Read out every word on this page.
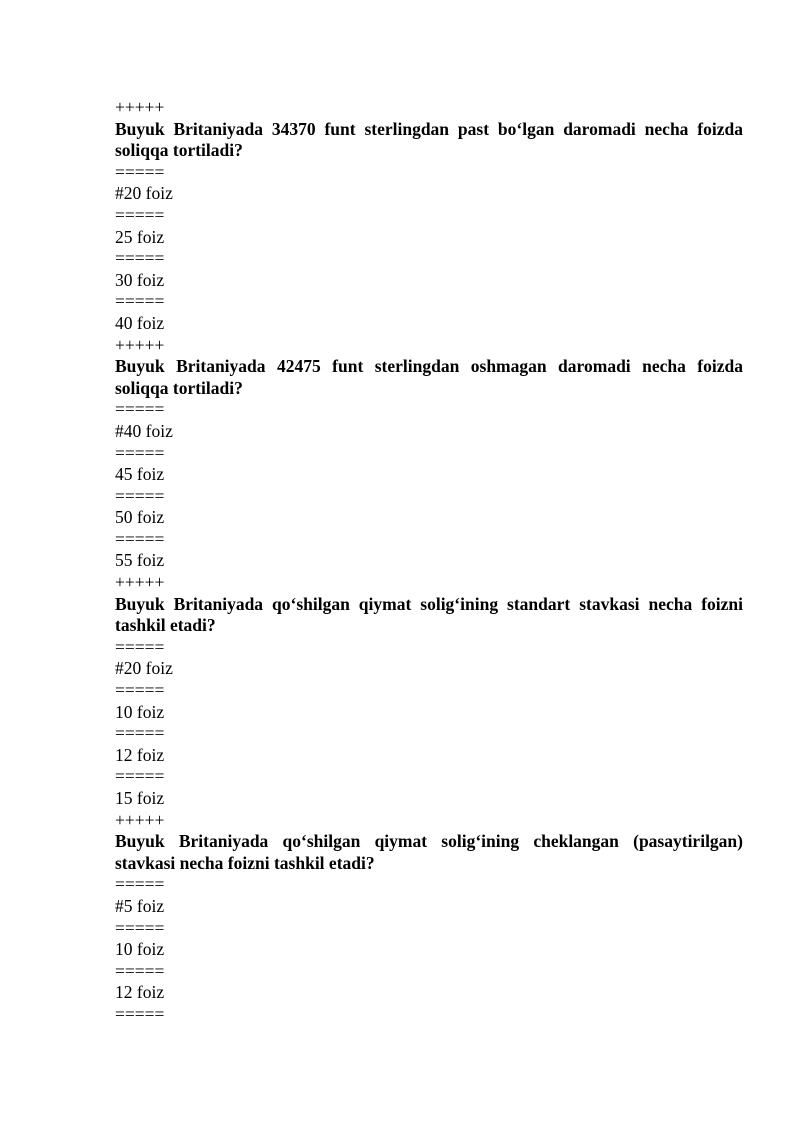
+++++
Buyuk Britaniyada 34370 funt sterlingdan past bo‘lgan daromadi necha foizda soliqqa tortiladi?
=====
#20 foiz
=====
25 foiz
=====
30 foiz
=====
40 foiz
+++++
Buyuk Britaniyada 42475 funt sterlingdan oshmagan daromadi necha foizda soliqqa tortiladi?
=====
#40 foiz
=====
45 foiz
=====
50 foiz
=====
55 foiz
+++++
Buyuk Britaniyada qo‘shilgan qiymat solig‘ining standart stavkasi necha foizni tashkil etadi?
=====
#20 foiz
=====
10 foiz
=====
12 foiz
=====
15 foiz
+++++
Buyuk Britaniyada qo‘shilgan qiymat solig‘ining cheklangan (pasaytirilgan) stavkasi necha foizni tashkil etadi?
=====
#5 foiz
=====
10 foiz
=====
12 foiz
=====
